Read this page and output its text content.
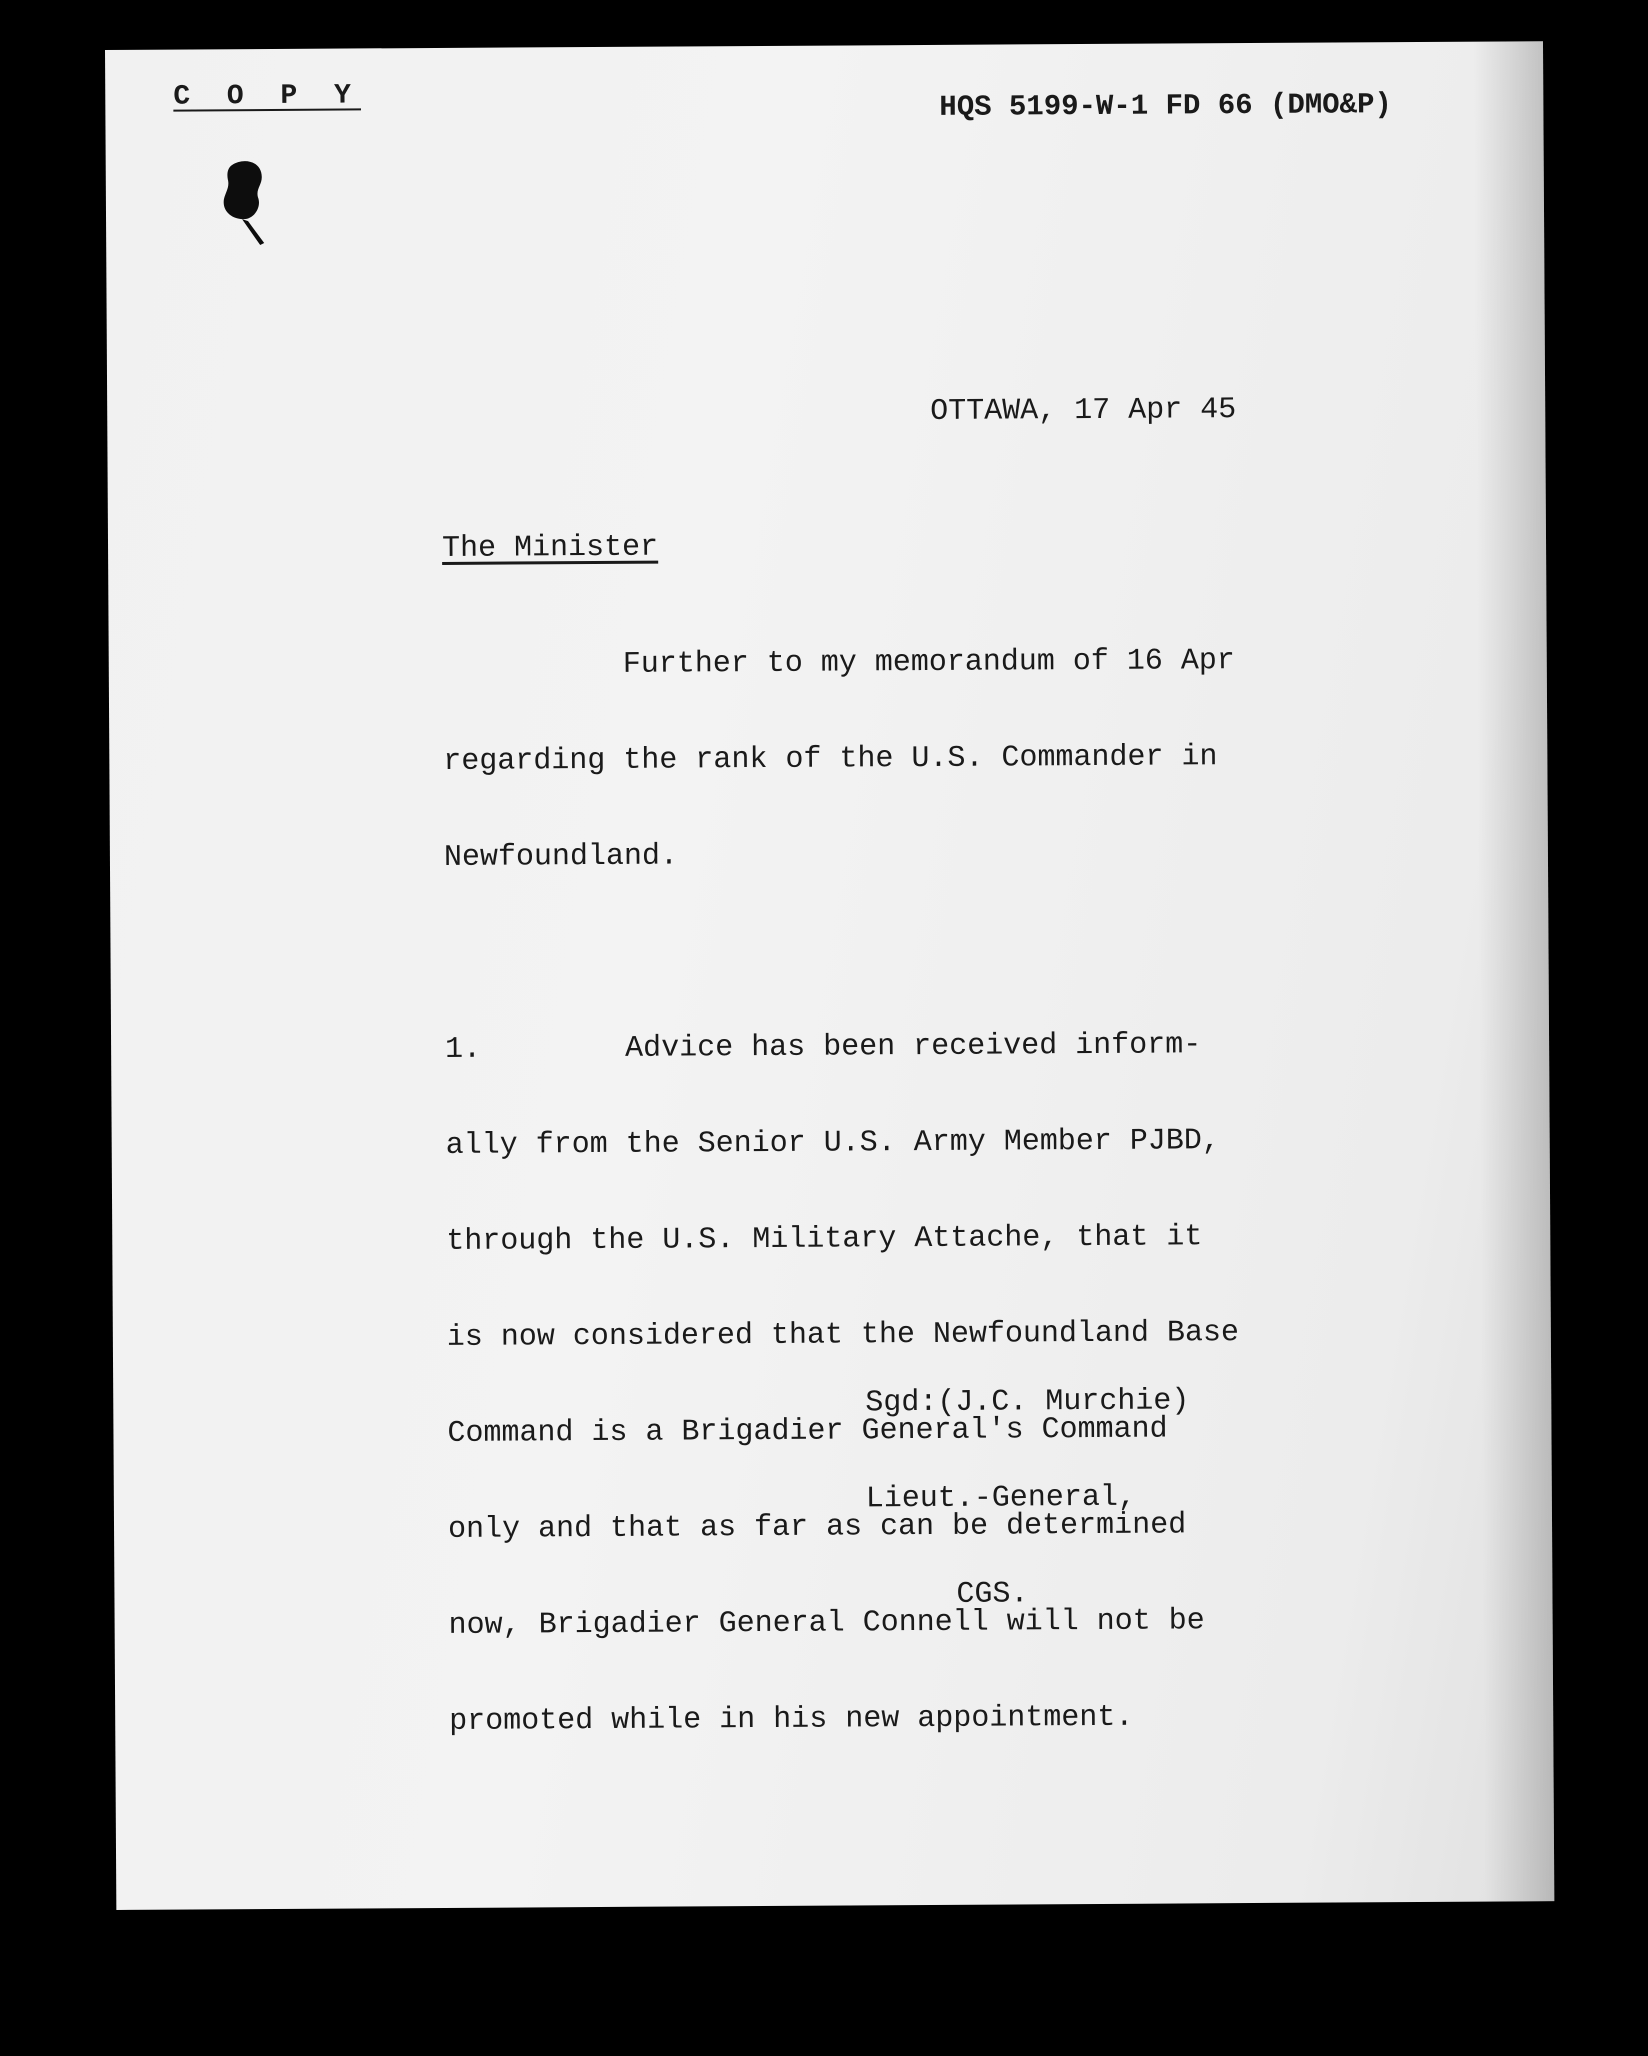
C O P Y	HQS 5199-W-1 FD 66 (DMO&P)
OTTAWA, 17 Apr 45
The Minister

Further to my memorandum of 16 Apr

regarding the rank of the U.S. Commander in

Newfoundland.

1.        Advice has been received inform-

ally from the Senior U.S. Army Member PJBD,

through the U.S. Military Attache, that it

is now considered that the Newfoundland Base

Command is a Brigadier General's Command

only and that as far as can be determined

now, Brigadier General Connell will not be

promoted while in his new appointment.

Sgd:(J.C. Murchie)

Lieut.-General,

CGS.
